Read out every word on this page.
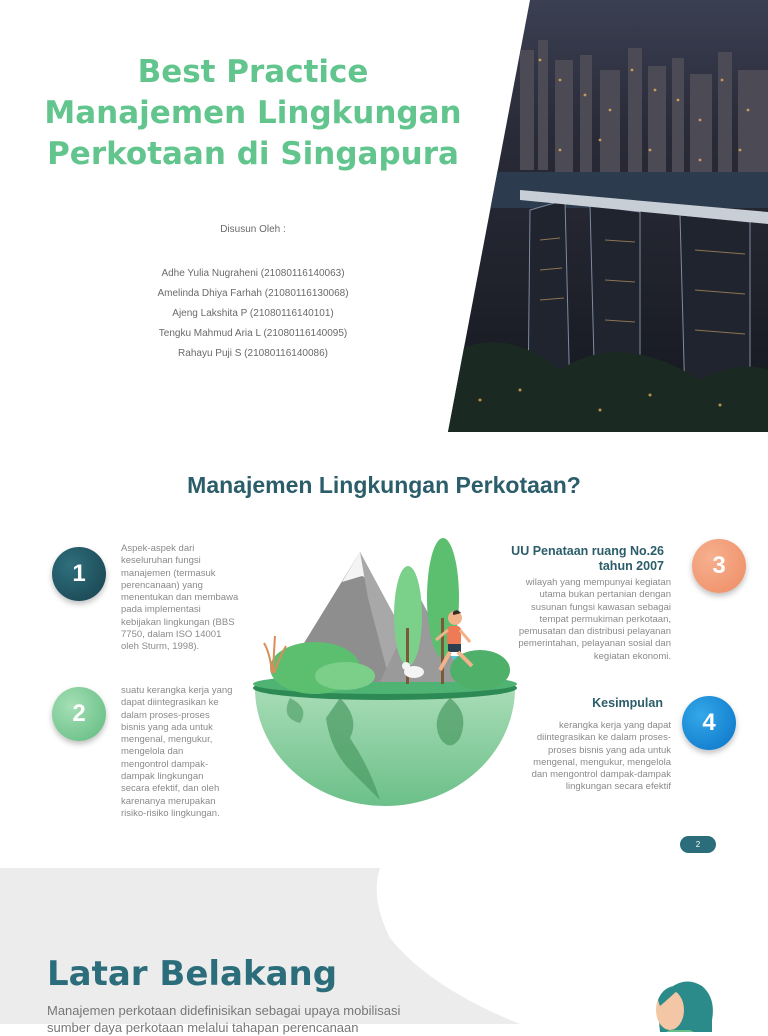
Best Practice
Manajemen Lingkungan
Perkotaan di Singapura
Disusun Oleh :
Adhe Yulia Nugraheni (21080116140063)
Amelinda Dhiya Farhah (21080116130068)
Ajeng Lakshita P (21080116140101)
Tengku Mahmud Aria L (21080116140095)
Rahayu Puji S (21080116140086)
Manajemen Lingkungan Perkotaan?
1

Aspek-aspek dari keseluruhan fungsi manajemen (termasuk perencanaan) yang menentukan dan membawa pada implementasi kebijakan lingkungan (BBS 7750, dalam ISO 14001 oleh Sturm, 1998).

2

suatu kerangka kerja yang dapat diintegrasikan ke dalam proses-proses bisnis yang ada untuk mengenal, mengukur, mengelola dan mengontrol dampak-dampak lingkungan secara efektif, dan oleh karenanya merupakan risiko-risiko lingkungan.

UU Penataan ruang No.26 tahun 2007	3

wilayah yang mempunyai kegiatan utama bukan pertanian dengan susunan fungsi kawasan sebagai tempat permukiman perkotaan, pemusatan dan distribusi pelayanan pemerintahan, pelayanan sosial dan kegiatan ekonomi.

Kesimpulan

4

kerangka kerja yang dapat diintegrasikan ke dalam proses-proses bisnis yang ada untuk mengenal, mengukur, mengelola dan mengontrol dampak-dampak lingkungan secara efektif

2
Latar Belakang

Manajemen perkotaan didefinisikan sebagai upaya mobilisasi sumber daya perkotaan melalui tahapan perencanaan
